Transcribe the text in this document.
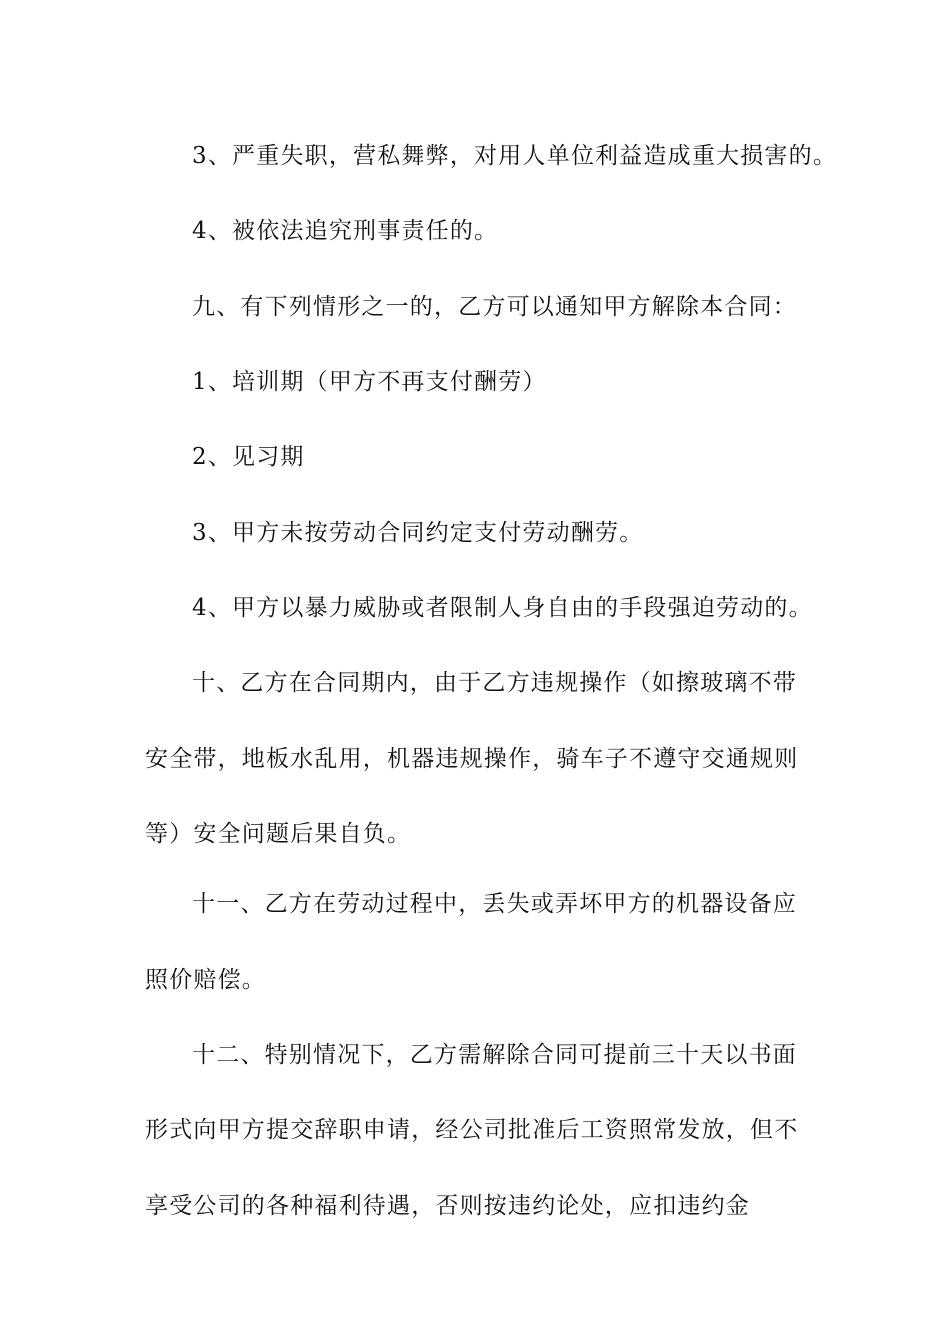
3、严重失职，营私舞弊，对用人单位利益造成重大损害的。

4、被依法追究刑事责任的。

九、有下列情形之一的，乙方可以通知甲方解除本合同：

1、培训期（甲方不再支付酬劳）

2、见习期

3、甲方未按劳动合同约定支付劳动酬劳。

4、甲方以暴力威胁或者限制人身自由的手段强迫劳动的。

十、乙方在合同期内，由于乙方违规操作（如擦玻璃不带

安全带，地板水乱用，机器违规操作，骑车子不遵守交通规则

等）安全问题后果自负。

十一、乙方在劳动过程中，丢失或弄坏甲方的机器设备应

照价赔偿。

十二、特别情况下，乙方需解除合同可提前三十天以书面

形式向甲方提交辞职申请，经公司批准后工资照常发放，但不

享受公司的各种福利待遇，否则按违约论处，应扣违约金
